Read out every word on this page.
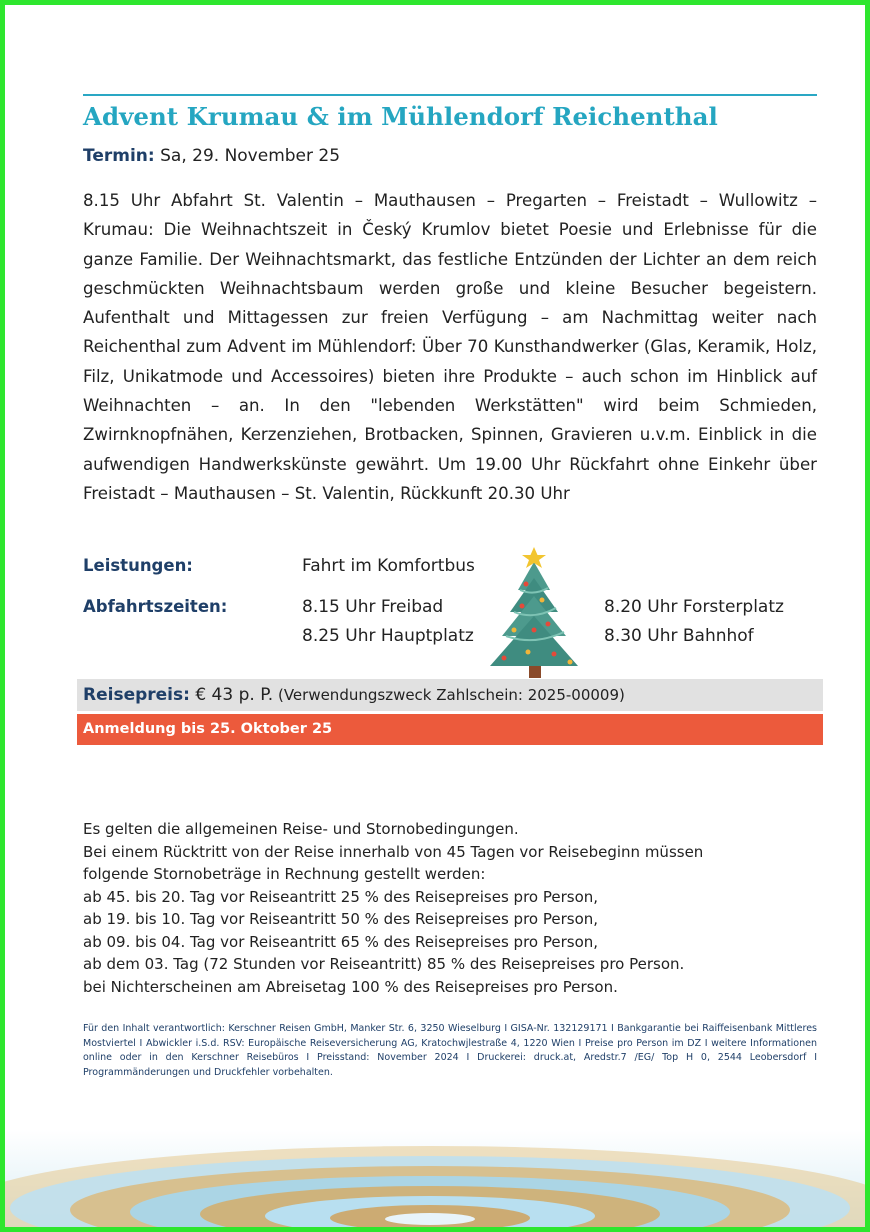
Advent Krumau & im Mühlendorf Reichenthal
Termin: Sa, 29. November 25
8.15 Uhr Abfahrt St. Valentin – Mauthausen – Pregarten – Freistadt – Wullowitz – Krumau: Die Weihnachtszeit in Český Krumlov bietet Poesie und Erlebnisse für die ganze Familie. Der Weihnachtsmarkt, das festliche Entzünden der Lichter an dem reich geschmückten Weihnachtsbaum werden große und kleine Besucher begeistern. Aufenthalt und Mittagessen zur freien Verfügung – am Nachmittag weiter nach Reichenthal zum Advent im Mühlendorf: Über 70 Kunsthandwerker (Glas, Keramik, Holz, Filz, Unikatmode und Accessoires) bieten ihre Produkte – auch schon im Hinblick auf Weihnachten – an. In den "lebenden Werkstätten" wird beim Schmieden, Zwirnknopfnähen, Kerzenziehen, Brotbacken, Spinnen, Gravieren u.v.m. Einblick in die aufwendigen Handwerkskünste gewährt. Um 19.00 Uhr Rückfahrt ohne Einkehr über Freistadt – Mauthausen – St. Valentin, Rückkunft 20.30 Uhr
Leistungen:	Fahrt im Komfortbus
Abfahrtszeiten:	8.15 Uhr Freibad
8.25 Uhr Hauptplatz
8.20 Uhr Forsterplatz
8.30 Uhr Bahnhof
Reisepreis: € 43 p. P. (Verwendungszweck Zahlschein: 2025-00009)
Anmeldung bis 25. Oktober 25
Es gelten die allgemeinen Reise- und Stornobedingungen.
Bei einem Rücktritt von der Reise innerhalb von 45 Tagen vor Reisebeginn müssen
folgende Stornobeträge in Rechnung gestellt werden:
ab 45. bis 20. Tag vor Reiseantritt 25 % des Reisepreises pro Person,
ab 19. bis 10. Tag vor Reiseantritt 50 % des Reisepreises pro Person,
ab 09. bis 04. Tag vor Reiseantritt 65 % des Reisepreises pro Person,
ab dem 03. Tag (72 Stunden vor Reiseantritt) 85 % des Reisepreises pro Person.
bei Nichterscheinen am Abreisetag 100 % des Reisepreises pro Person.
Für den Inhalt verantwortlich: Kerschner Reisen GmbH, Manker Str. 6, 3250 Wieselburg I GISA-Nr. 132129171 I Bankgarantie bei Raiffeisenbank Mittleres Mostviertel I Abwickler i.S.d. RSV: Europäische Reiseversicherung AG, Kratochwjlestraße 4, 1220 Wien I Preise pro Person im DZ I weitere Informationen online oder in den Kerschner Reisebüros I Preisstand: November 2024 I Druckerei: druck.at, Aredstr.7 /EG/ Top H 0, 2544 Leobersdorf I Programmänderungen und Druckfehler vorbehalten.
